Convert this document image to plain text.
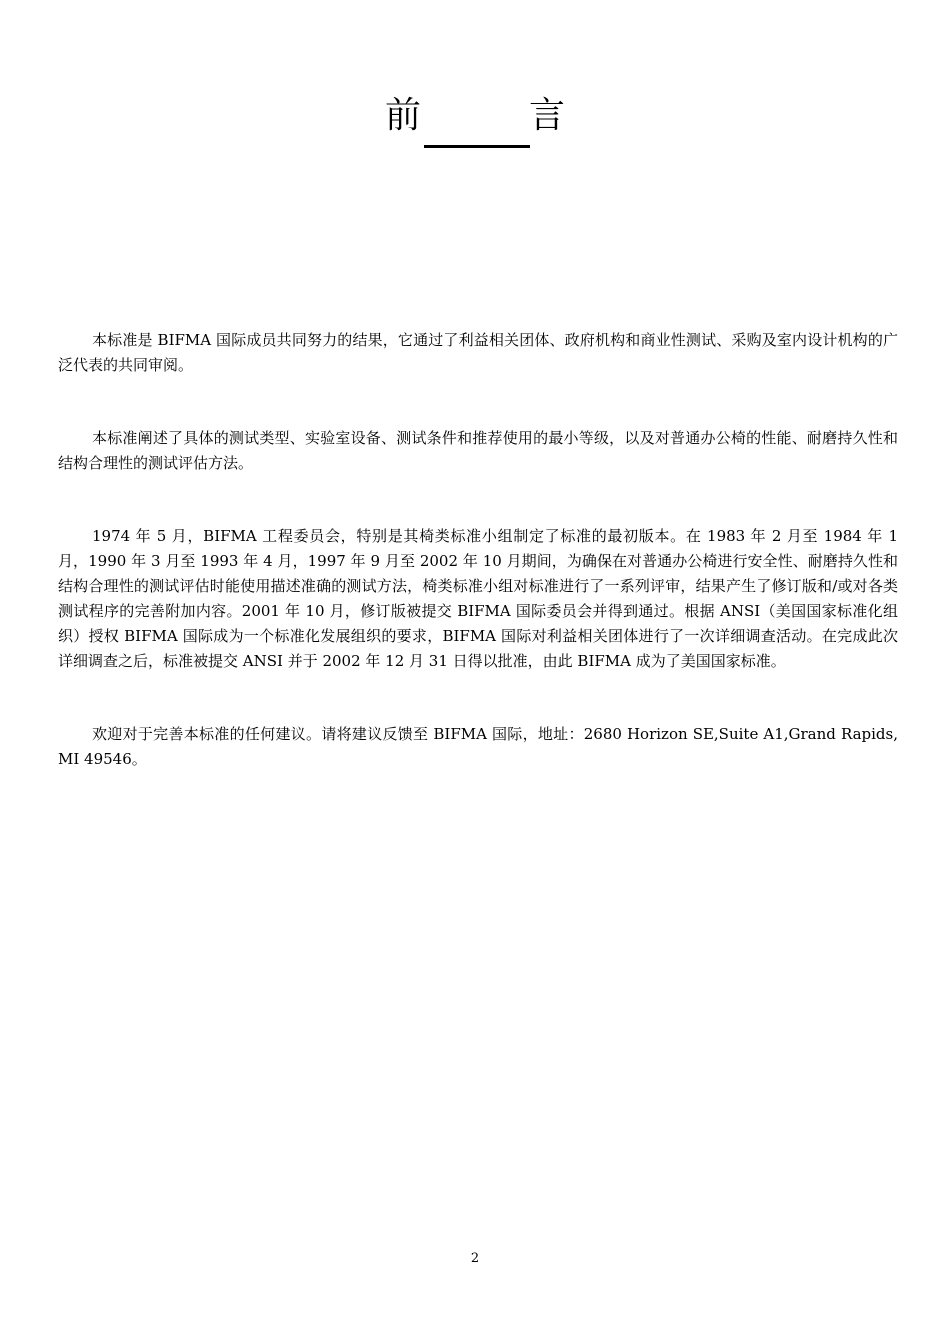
前　言

本标准是 BIFMA 国际成员共同努力的结果，它通过了利益相关团体、政府机构和商业性测试、采购及室内设计机构的广泛代表的共同审阅。

本标准阐述了具体的测试类型、实验室设备、测试条件和推荐使用的最小等级，以及对普通办公椅的性能、耐磨持久性和结构合理性的测试评估方法。

1974 年 5 月，BIFMA 工程委员会，特别是其椅类标准小组制定了标准的最初版本。在 1983 年 2 月至 1984 年 1 月，1990 年 3 月至 1993 年 4 月，1997 年 9 月至 2002 年 10 月期间，为确保在对普通办公椅进行安全性、耐磨持久性和结构合理性的测试评估时能使用描述准确的测试方法，椅类标准小组对标准进行了一系列评审，结果产生了修订版和/或对各类测试程序的完善附加内容。2001 年 10 月，修订版被提交 BIFMA 国际委员会并得到通过。根据 ANSI（美国国家标准化组织）授权 BIFMA 国际成为一个标准化发展组织的要求，BIFMA 国际对利益相关团体进行了一次详细调查活动。在完成此次详细调查之后，标准被提交 ANSI 并于 2002 年 12 月 31 日得以批准，由此 BIFMA 成为了美国国家标准。

欢迎对于完善本标准的任何建议。请将建议反馈至 BIFMA 国际，地址：2680 Horizon SE,Suite A1,Grand Rapids,MI 49546。

2
